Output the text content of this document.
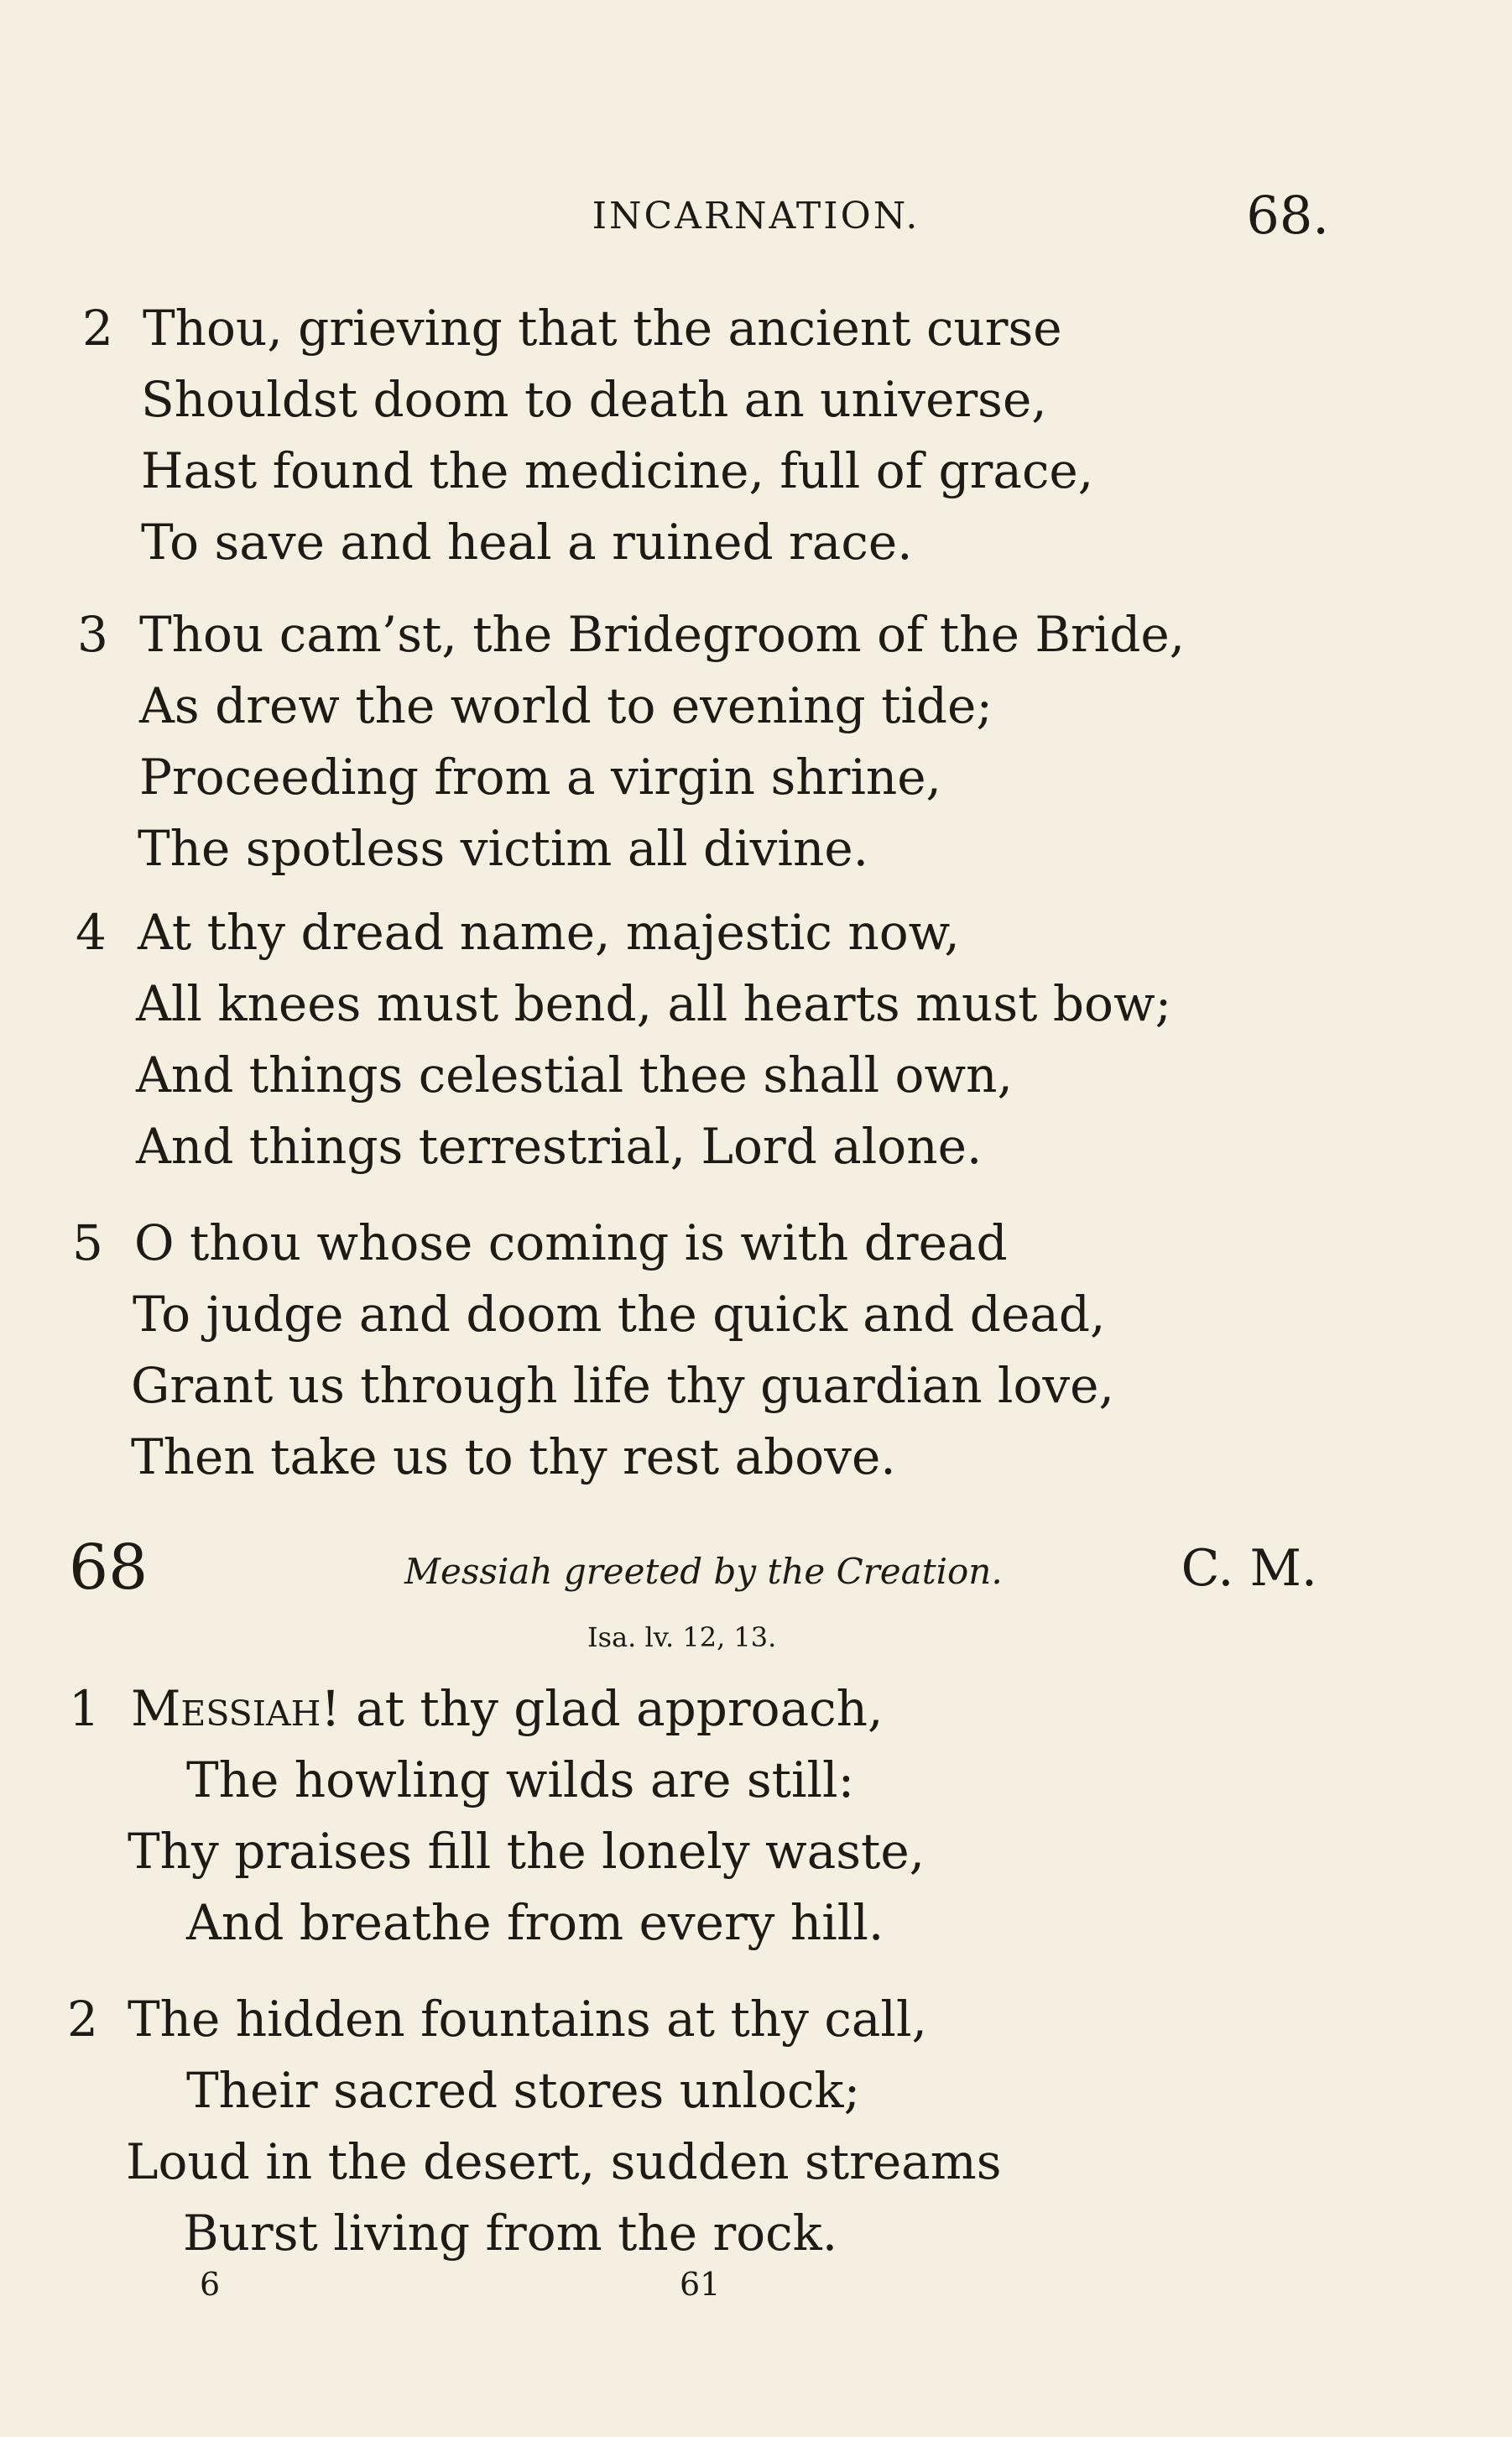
INCARNATION.	68.
2 Thou, grieving that the ancient curse
Shouldst doom to death an universe,
Hast found the medicine, full of grace,
To save and heal a ruined race.
3 Thou cam’st, the Bridegroom of the Bride,
As drew the world to evening tide;
Proceeding from a virgin shrine,
The spotless victim all divine.
4 At thy dread name, majestic now,
All knees must bend, all hearts must bow;
And things celestial thee shall own,
And things terrestrial, Lord alone.
5 O thou whose coming is with dread
To judge and doom the quick and dead,
Grant us through life thy guardian love,
Then take us to thy rest above.
68	Messiah greeted by the Creation.	C. M.
Isa. lv. 12, 13.
1 Messiah! at thy glad approach,
The howling wilds are still:
Thy praises fill the lonely waste,
And breathe from every hill.
2 The hidden fountains at thy call,
Their sacred stores unlock;
Loud in the desert, sudden streams
Burst living from the rock.
6	61
